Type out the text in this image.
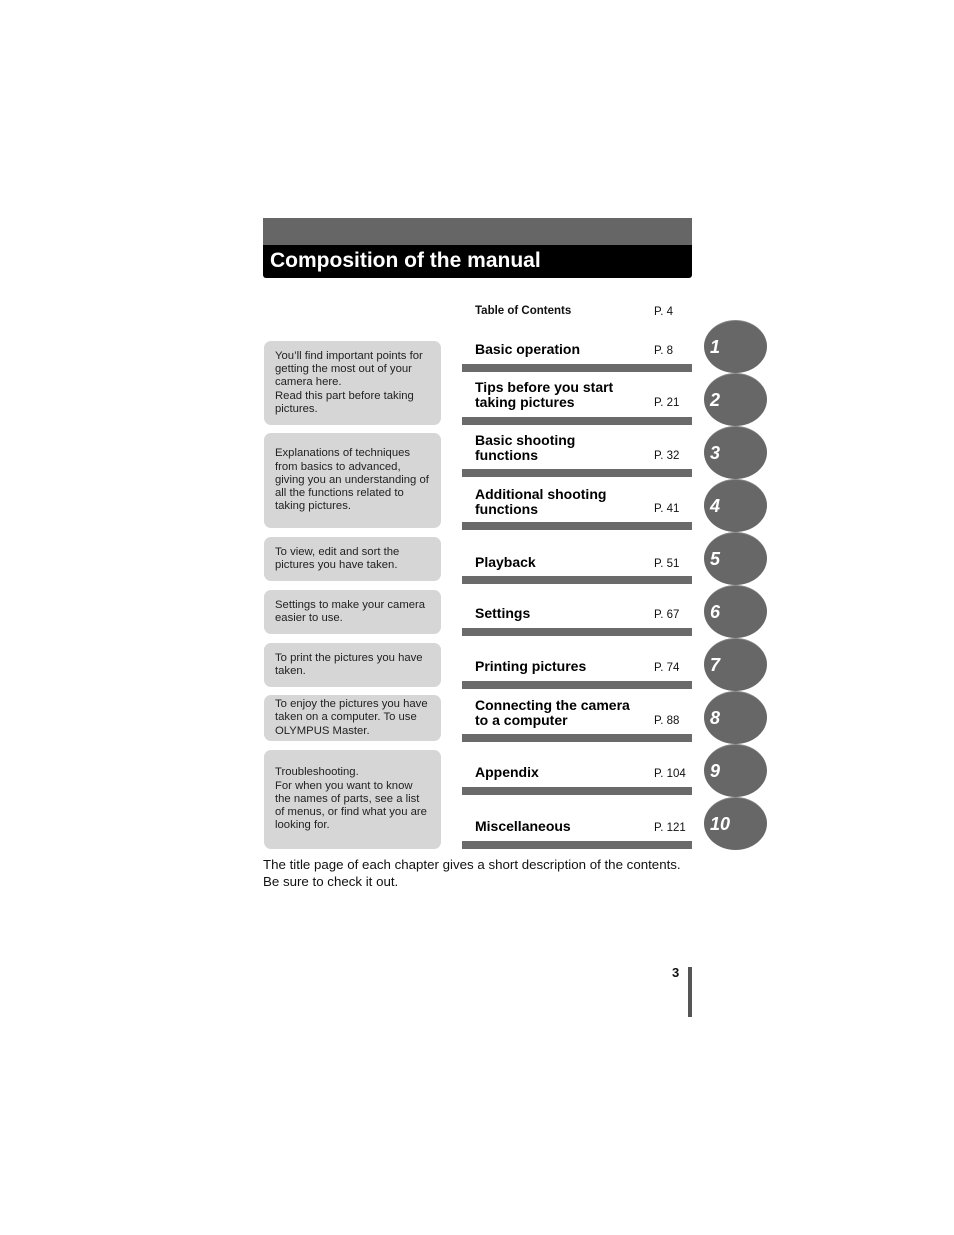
Composition of the manual
Table of Contents	P. 4
You’ll find important points for
getting the most out of your
camera here.
Read this part before taking
pictures.
Explanations of techniques
from basics to advanced,
giving you an understanding of
all the functions related to
taking pictures.
To view, edit and sort the
pictures you have taken.
Settings to make your camera
easier to use.
To print the pictures you have
taken.
To enjoy the pictures you have
taken on a computer. To use
OLYMPUS Master.
Troubleshooting.
For when you want to know
the names of parts, see a list
of menus, or find what you are
looking for.
Basic operation	P. 8	1
Tips before you start
taking pictures	P. 21	2
Basic shooting
functions	P. 32	3
Additional shooting
functions	P. 41	4
Playback	P. 51	5
Settings	P. 67	6
Printing pictures	P. 74	7
Connecting the camera
to a computer	P. 88	8
Appendix	P. 104	9
Miscellaneous	P. 121	10
The title page of each chapter gives a short description of the contents.
Be sure to check it out.
3
